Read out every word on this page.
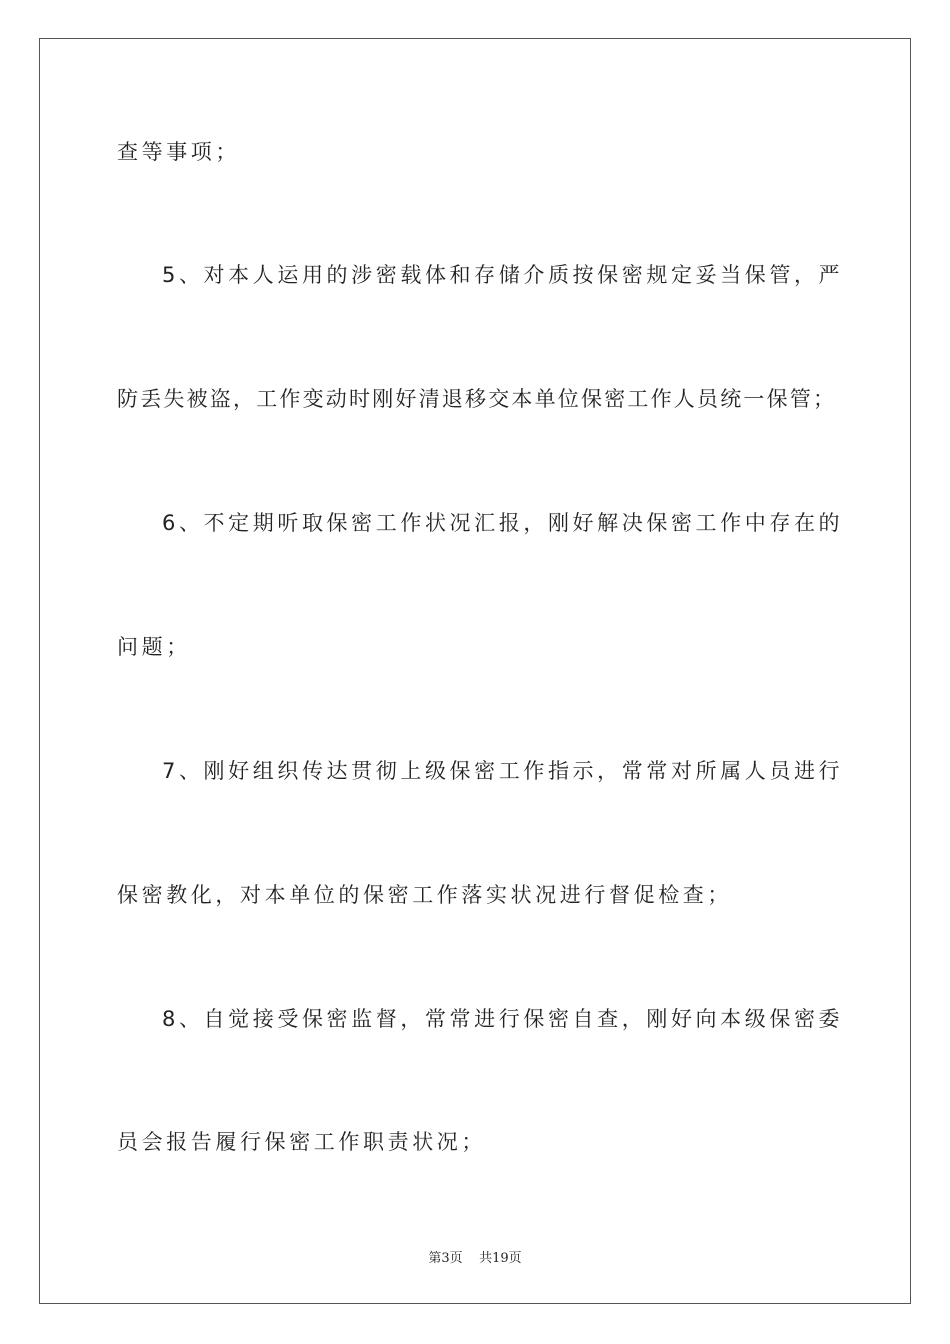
查等事项；
5、对本人运用的涉密载体和存储介质按保密规定妥当保管，严
防丢失被盗，工作变动时刚好清退移交本单位保密工作人员统一保管；
6、不定期听取保密工作状况汇报，刚好解决保密工作中存在的
问题；
7、刚好组织传达贯彻上级保密工作指示，常常对所属人员进行
保密教化，对本单位的保密工作落实状况进行督促检查；
8、自觉接受保密监督，常常进行保密自查，刚好向本级保密委
员会报告履行保密工作职责状况；
第3页    共19页
